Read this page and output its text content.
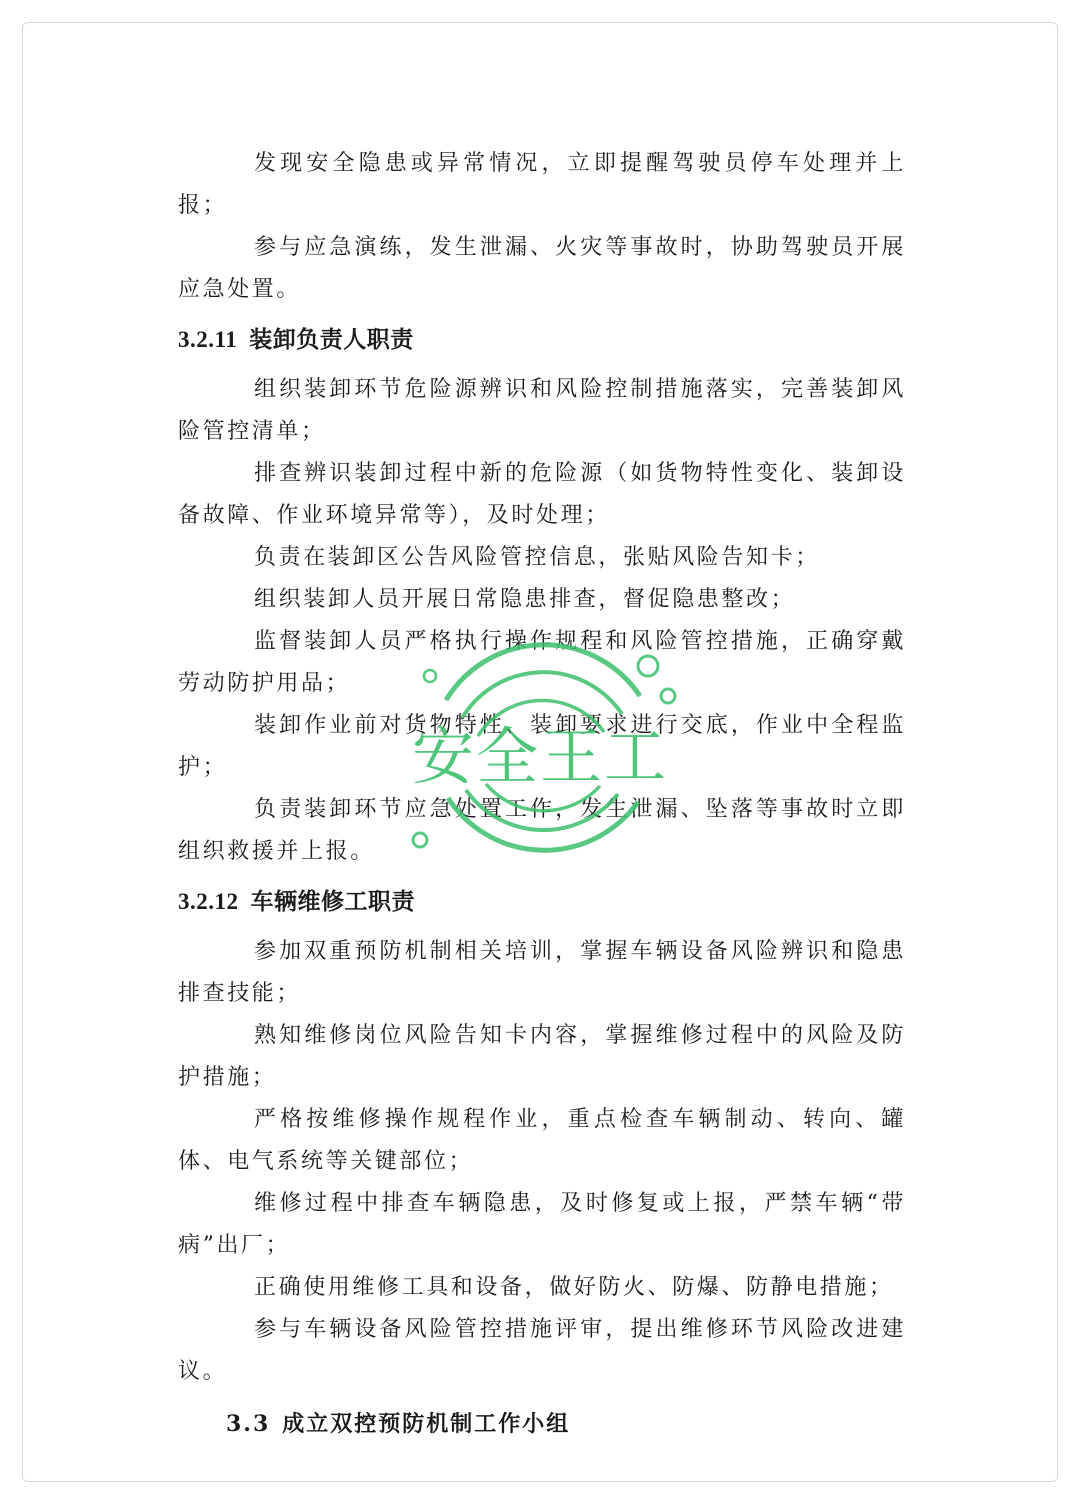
发现安全隐患或异常情况，立即提醒驾驶员停车处理并上报；

参与应急演练，发生泄漏、火灾等事故时，协助驾驶员开展应急处置。

3.2.11 装卸负责人职责

组织装卸环节危险源辨识和风险控制措施落实，完善装卸风险管控清单；

排查辨识装卸过程中新的危险源（如货物特性变化、装卸设备故障、作业环境异常等），及时处理；

负责在装卸区公告风险管控信息，张贴风险告知卡；

组织装卸人员开展日常隐患排查，督促隐患整改；

监督装卸人员严格执行操作规程和风险管控措施，正确穿戴劳动防护用品；

装卸作业前对货物特性、装卸要求进行交底，作业中全程监护；

负责装卸环节应急处置工作，发生泄漏、坠落等事故时立即组织救援并上报。

3.2.12 车辆维修工职责

参加双重预防机制相关培训，掌握车辆设备风险辨识和隐患排查技能；

熟知维修岗位风险告知卡内容，掌握维修过程中的风险及防护措施；

严格按维修操作规程作业，重点检查车辆制动、转向、罐体、电气系统等关键部位；

维修过程中排查车辆隐患，及时修复或上报，严禁车辆“带病”出厂；

正确使用维修工具和设备，做好防火、防爆、防静电措施；

参与车辆设备风险管控措施评审，提出维修环节风险改进建议。

3.3 成立双控预防机制工作小组
安全王工
